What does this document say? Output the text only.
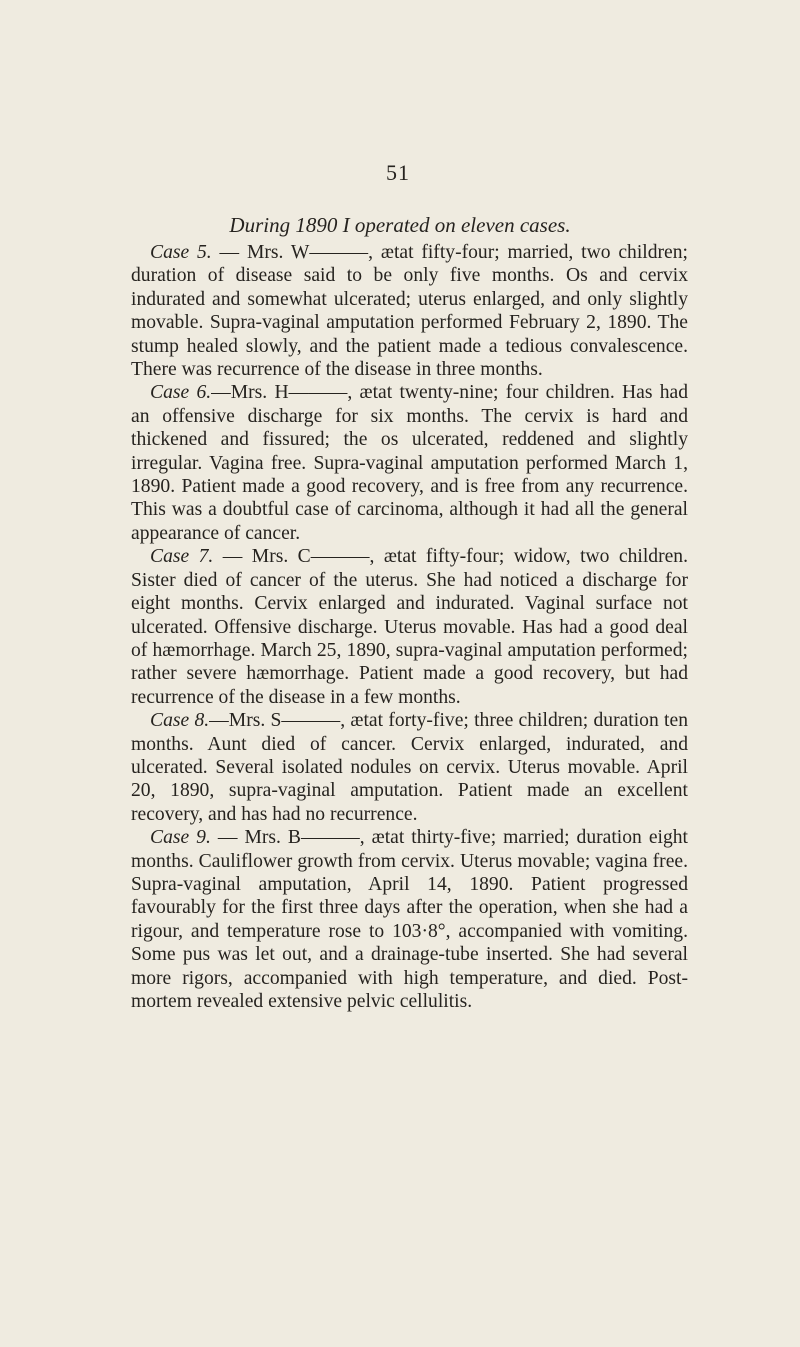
51
During 1890 I operated on eleven cases.

Case 5. — Mrs. W———, ætat fifty-four; married, two children; duration of disease said to be only five months. Os and cervix indurated and somewhat ulcerated; uterus enlarged, and only slightly movable. Supra-vaginal amputation performed February 2, 1890. The stump healed slowly, and the patient made a tedious convalescence. There was recurrence of the disease in three months.

Case 6.—Mrs. H———, ætat twenty-nine; four children. Has had an offensive discharge for six months. The cervix is hard and thickened and fissured; the os ulcerated, reddened and slightly irregular. Vagina free. Supra-vaginal amputation performed March 1, 1890. Patient made a good recovery, and is free from any recurrence. This was a doubtful case of carcinoma, although it had all the general appearance of cancer.

Case 7. — Mrs. C———, ætat fifty-four; widow, two children. Sister died of cancer of the uterus. She had noticed a discharge for eight months. Cervix enlarged and indurated. Vaginal surface not ulcerated. Offensive discharge. Uterus movable. Has had a good deal of hæmorrhage. March 25, 1890, supra-vaginal amputation performed; rather severe hæmorrhage. Patient made a good recovery, but had recurrence of the disease in a few months.

Case 8.—Mrs. S———, ætat forty-five; three children; duration ten months. Aunt died of cancer. Cervix enlarged, indurated, and ulcerated. Several isolated nodules on cervix. Uterus movable. April 20, 1890, supra-vaginal amputation. Patient made an excellent recovery, and has had no recurrence.

Case 9. — Mrs. B———, ætat thirty-five; married; duration eight months. Cauliflower growth from cervix. Uterus movable; vagina free. Supra-vaginal amputation, April 14, 1890. Patient progressed favourably for the first three days after the operation, when she had a rigour, and temperature rose to 103·8°, accompanied with vomiting. Some pus was let out, and a drainage-tube inserted. She had several more rigors, accompanied with high temperature, and died. Post-mortem revealed extensive pelvic cellulitis.
